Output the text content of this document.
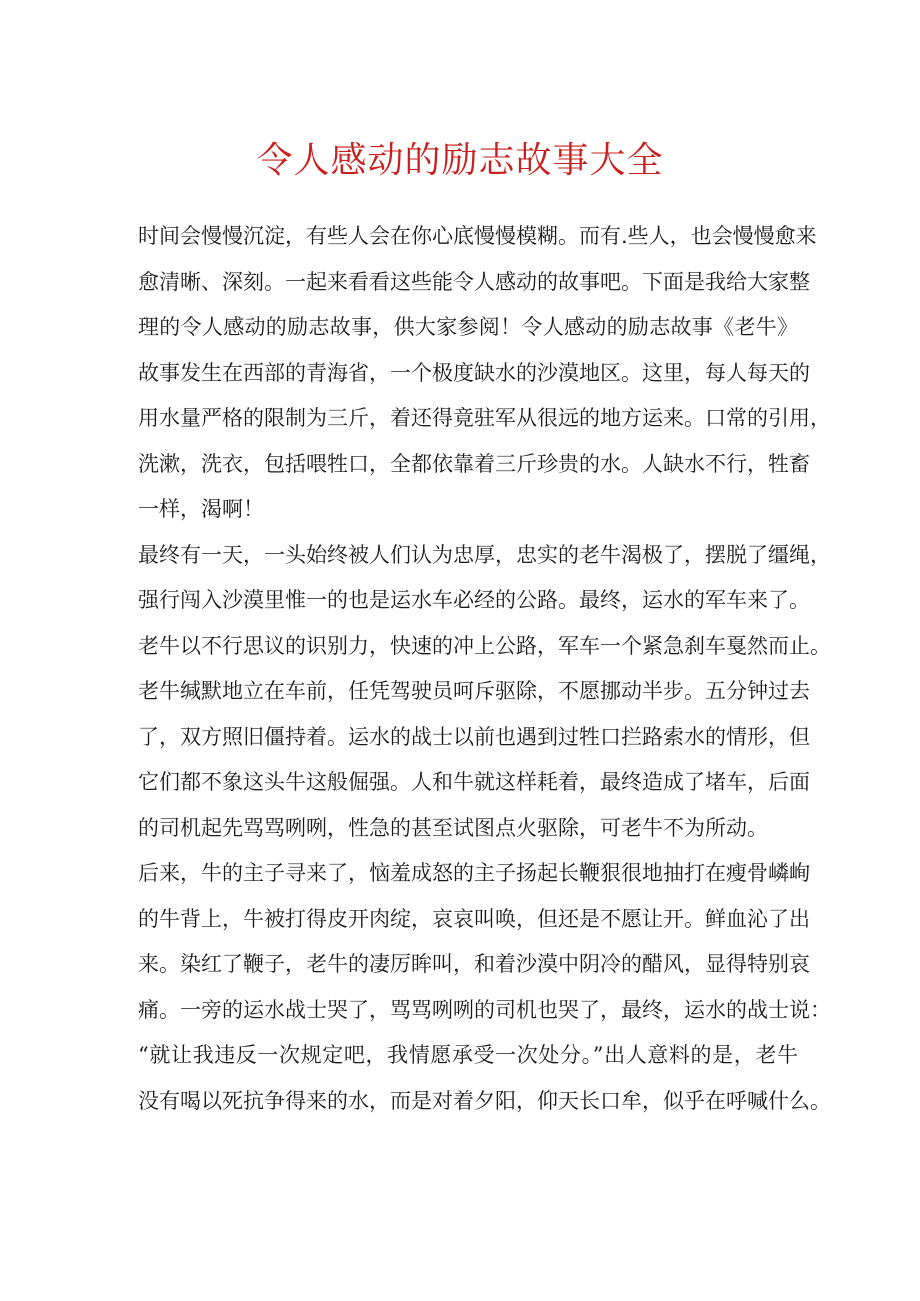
令人感动的励志故事大全
时间会慢慢沉淀，有些人会在你心底慢慢模糊。而有.些人，也会慢慢愈来
愈清晰、深刻。一起来看看这些能令人感动的故事吧。下面是我给大家整
理的令人感动的励志故事，供大家参阅！令人感动的励志故事《老牛》
故事发生在西部的青海省，一个极度缺水的沙漠地区。这里，每人每天的
用水量严格的限制为三斤，着还得竟驻军从很远的地方运来。口常的引用，
洗漱，洗衣，包括喂牲口，全都依靠着三斤珍贵的水。人缺水不行，牲畜
一样，渴啊！
最终有一天，一头始终被人们认为忠厚，忠实的老牛渴极了，摆脱了缰绳，
强行闯入沙漠里惟一的也是运水车必经的公路。最终，运水的军车来了。
老牛以不行思议的识别力，快速的冲上公路，军车一个紧急刹车戛然而止。
老牛缄默地立在车前，任凭驾驶员呵斥驱除，不愿挪动半步。五分钟过去
了，双方照旧僵持着。运水的战士以前也遇到过牲口拦路索水的情形，但
它们都不象这头牛这般倔强。人和牛就这样耗着，最终造成了堵车，后面
的司机起先骂骂咧咧，性急的甚至试图点火驱除，可老牛不为所动。
后来，牛的主子寻来了，恼羞成怒的主子扬起长鞭狠很地抽打在瘦骨嶙峋
的牛背上，牛被打得皮开肉绽，哀哀叫唤，但还是不愿让开。鲜血沁了出
来。染红了鞭子，老牛的凄厉眸叫，和着沙漠中阴冷的醋风，显得特别哀
痛。一旁的运水战士哭了，骂骂咧咧的司机也哭了，最终，运水的战士说：
“就让我违反一次规定吧，我情愿承受一次处分。”出人意料的是，老牛
没有喝以死抗争得来的水，而是对着夕阳，仰天长口牟，似乎在呼喊什么。
